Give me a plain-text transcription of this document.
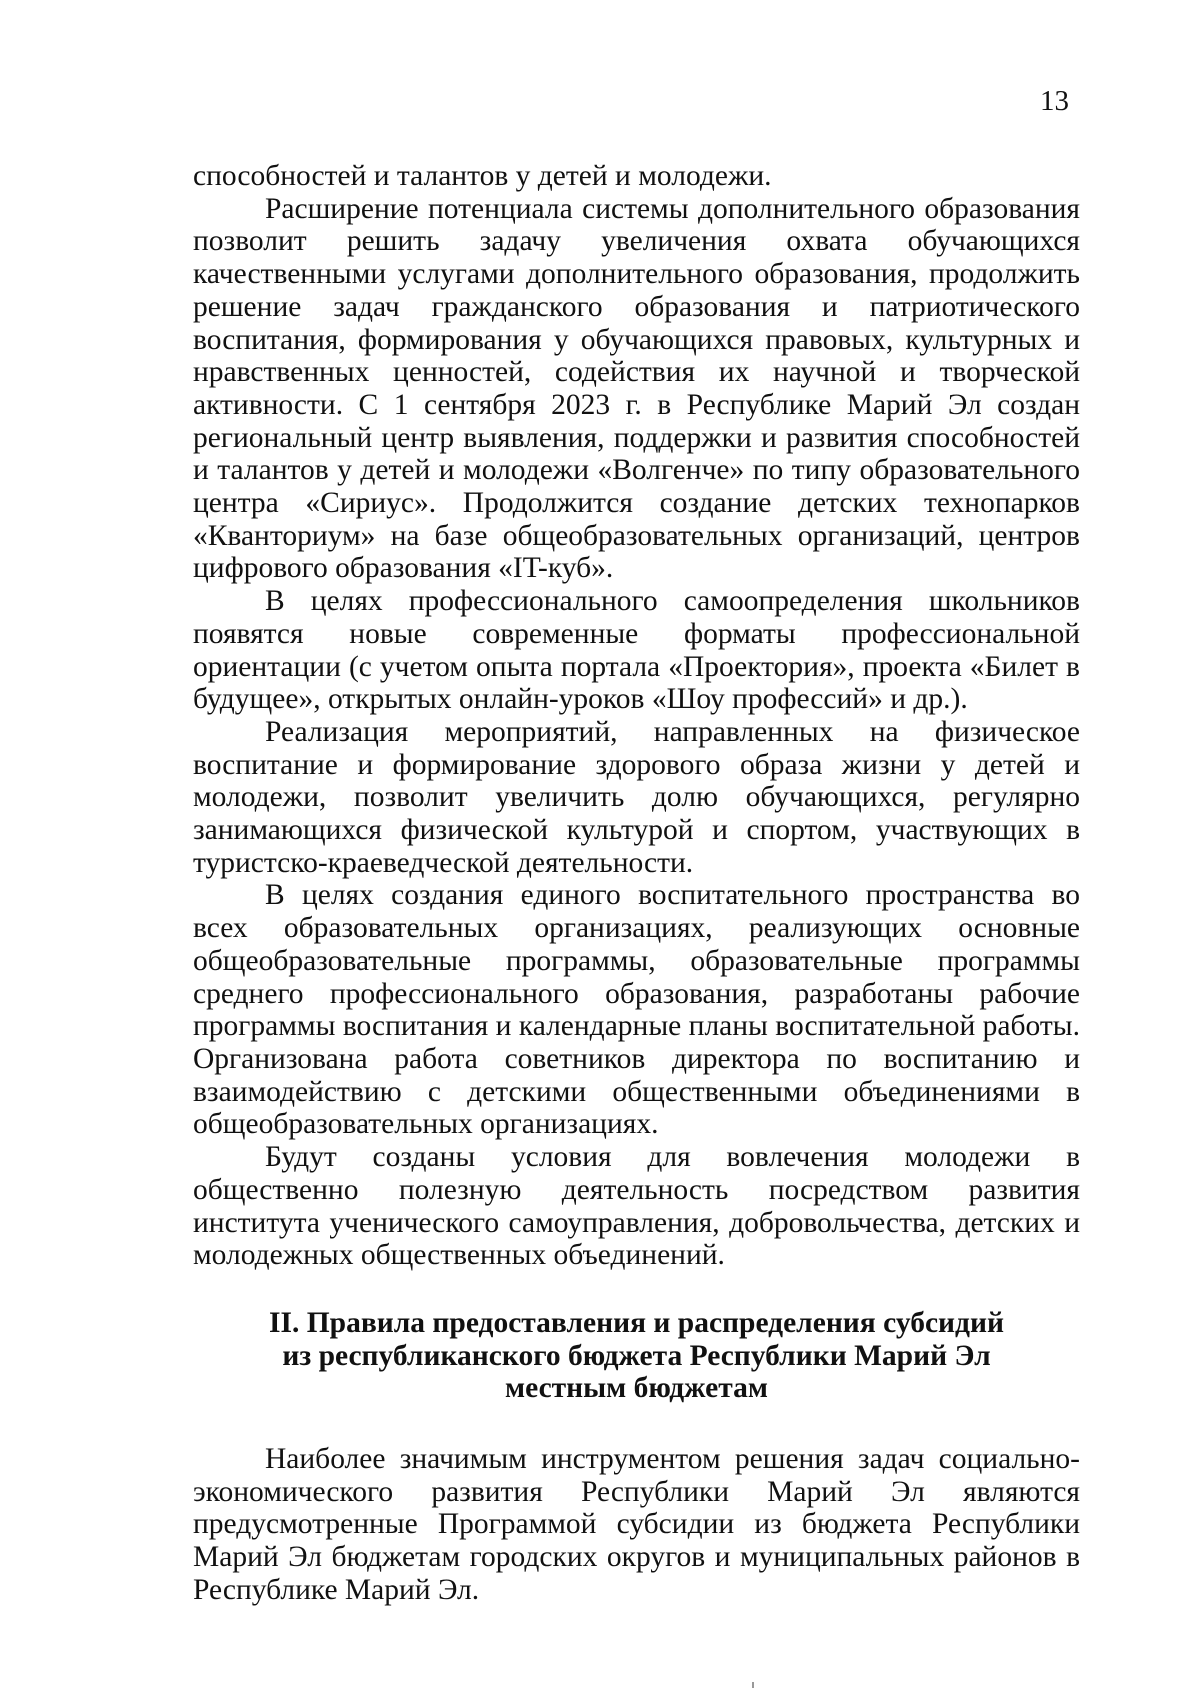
13

способностей и талантов у детей и молодежи.

Расширение потенциала системы дополнительного образования позволит решить задачу увеличения охвата обучающихся качественными услугами дополнительного образования, продолжить решение задач гражданского образования и патриотического воспитания, формирования у обучающихся правовых, культурных и нравственных ценностей, содействия их научной и творческой активности. С 1 сентября 2023 г. в Республике Марий Эл создан региональный центр выявления, поддержки и развития способностей и талантов у детей и молодежи «Волгенче» по типу образовательного центра «Сириус». Продолжится создание детских технопарков «Кванториум» на базе общеобразовательных организаций, центров цифрового образования «IT-куб».

В целях профессионального самоопределения школьников появятся новые современные форматы профессиональной ориентации (с учетом опыта портала «Проектория», проекта «Билет в будущее», открытых онлайн-уроков «Шоу профессий» и др.).

Реализация мероприятий, направленных на физическое воспитание и формирование здорового образа жизни у детей и молодежи, позволит увеличить долю обучающихся, регулярно занимающихся физической культурой и спортом, участвующих в туристско-краеведческой деятельности.

В целях создания единого воспитательного пространства во всех образовательных организациях, реализующих основные общеобразовательные программы, образовательные программы среднего профессионального образования, разработаны рабочие программы воспитания и календарные планы воспитательной работы. Организована работа советников директора по воспитанию и взаимодействию с детскими общественными объединениями в общеобразовательных организациях.

Будут созданы условия для вовлечения молодежи в общественно полезную деятельность посредством развития института ученического самоуправления, добровольчества, детских и молодежных общественных объединений.

II. Правила предоставления и распределения субсидий
из республиканского бюджета Республики Марий Эл
местным бюджетам

Наиболее значимым инструментом решения задач социально-экономического развития Республики Марий Эл являются предусмотренные Программой субсидии из бюджета Республики Марий Эл бюджетам городских округов и муниципальных районов в Республике Марий Эл.
